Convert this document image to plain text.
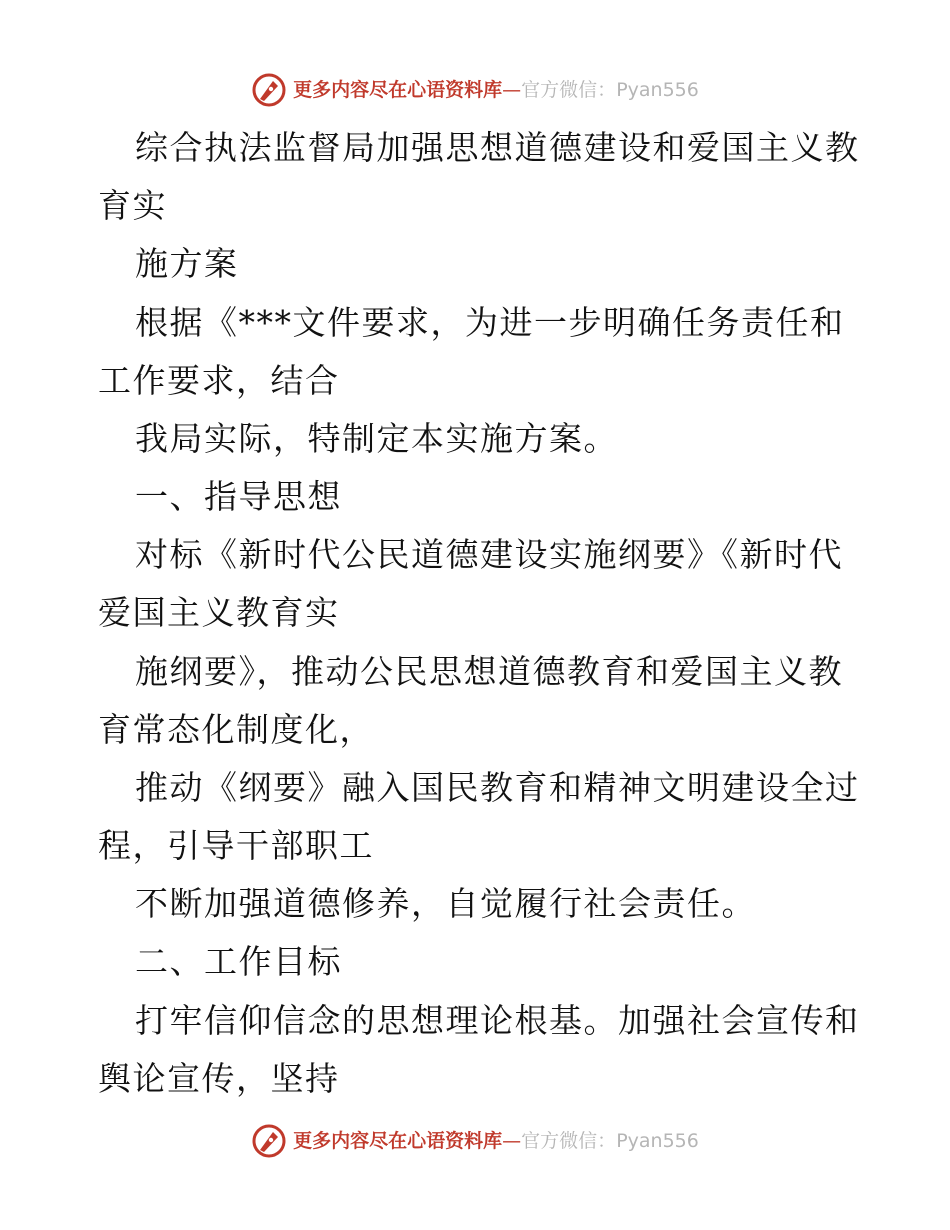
更多内容尽在心语资料库—官方微信：Pyan556
综合执法监督局加强思想道德建设和爱国主义教
育实
施方案
根据《***文件要求，为进一步明确任务责任和
工作要求，结合
我局实际，特制定本实施方案。
一、指导思想
对标《新时代公民道德建设实施纲要》《新时代
爱国主义教育实
施纲要》，推动公民思想道德教育和爱国主义教
育常态化制度化，
推动《纲要》融入国民教育和精神文明建设全过
程，引导干部职工
不断加强道德修养，自觉履行社会责任。
二、工作目标
打牢信仰信念的思想理论根基。加强社会宣传和
舆论宣传，坚持
更多内容尽在心语资料库—官方微信：Pyan556
